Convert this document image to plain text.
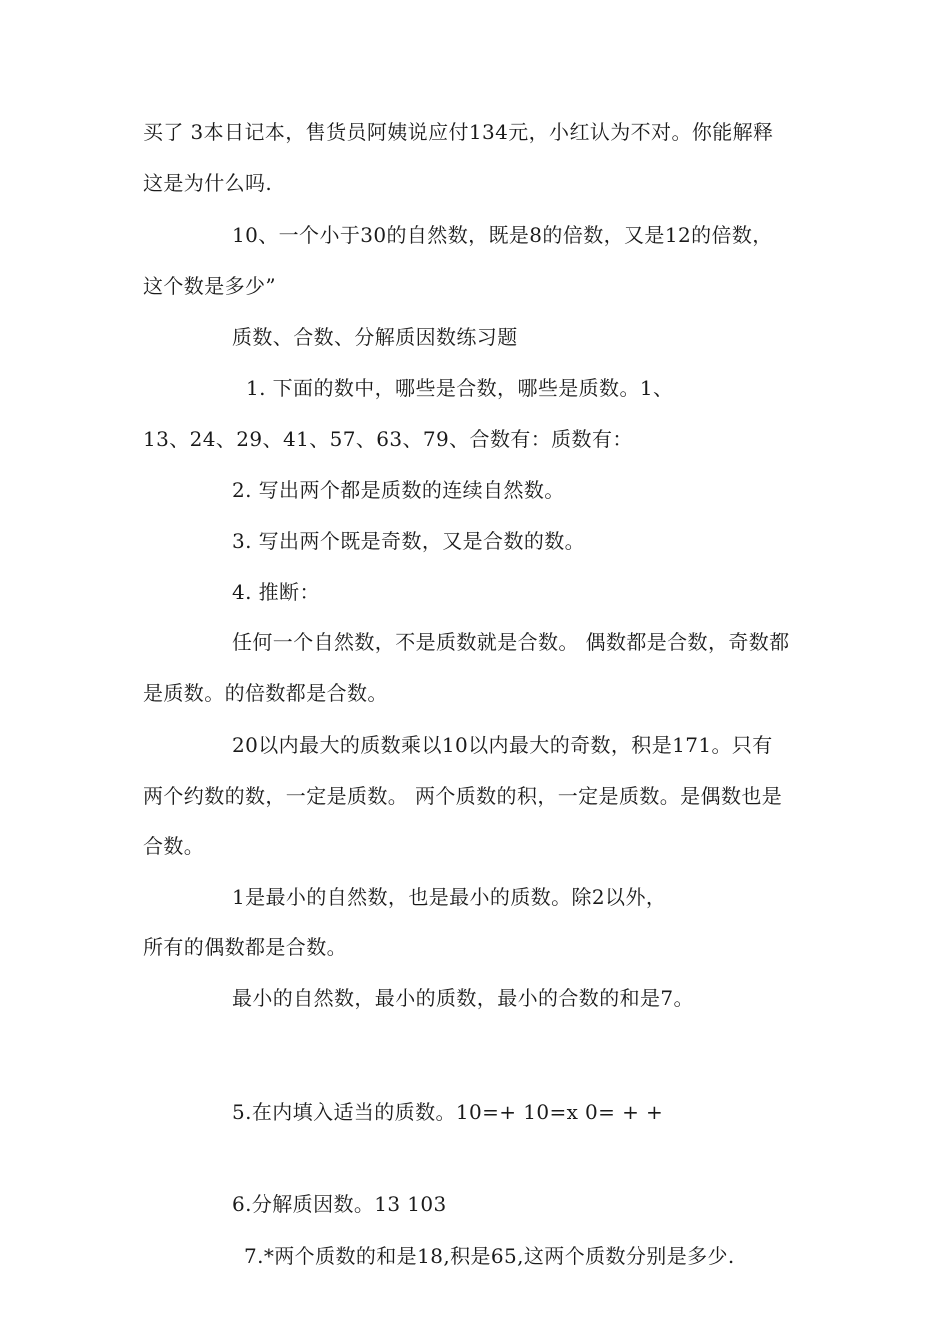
买了 3本日记本，售货员阿姨说应付134元，小红认为不对。你能解释
这是为什么吗.
10、一个小于30的自然数，既是8的倍数，又是12的倍数，
这个数是多少”
质数、合数、分解质因数练习题
1. 下面的数中，哪些是合数，哪些是质数。1、
13、24、29、41、57、63、79、合数有：质数有：
2. 写出两个都是质数的连续自然数。
3. 写出两个既是奇数，又是合数的数。
4. 推断：
任何一个自然数，不是质数就是合数。 偶数都是合数，奇数都
是质数。的倍数都是合数。
20以内最大的质数乘以10以内最大的奇数，积是171。只有
两个约数的数，一定是质数。 两个质数的积，一定是质数。是偶数也是
合数。
1是最小的自然数，也是最小的质数。除2以外，
所有的偶数都是合数。
最小的自然数，最小的质数，最小的合数的和是7。
5.在内填入适当的质数。10=+ 10=x 0= + +
6.分解质因数。13 103
7.*两个质数的和是18,积是65,这两个质数分别是多少.
